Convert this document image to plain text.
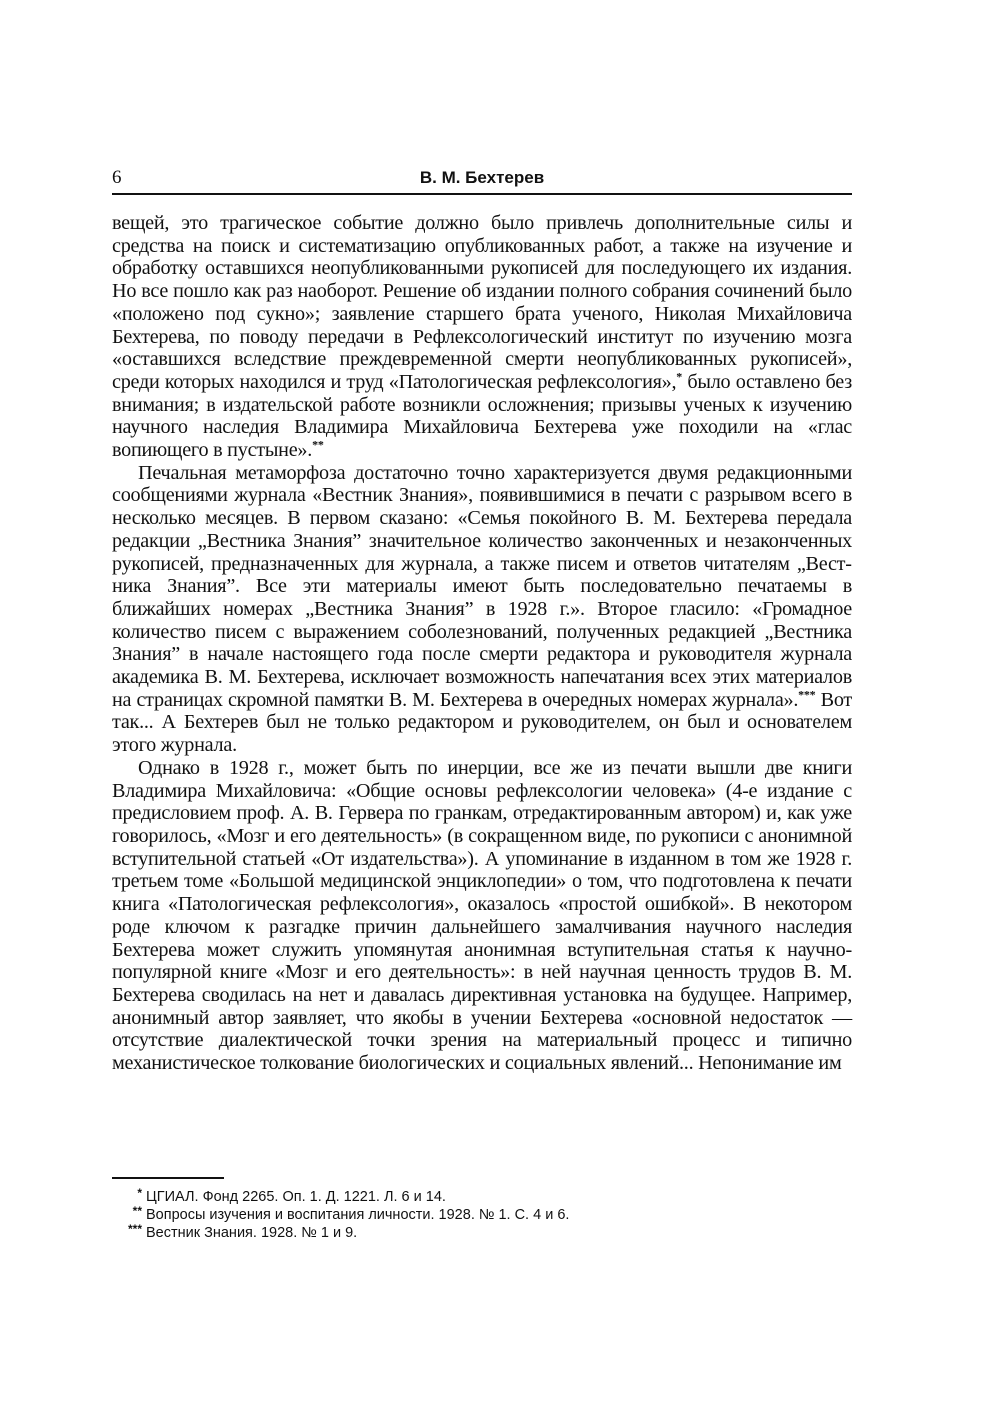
6	В. М. Бехтерев

вещей, это трагическое событие должно было привлечь дополнительные силы и средства на поиск и систематизацию опубликованных работ, а также на изучение и обработку оставшихся неопубликованными рукописей для последующего их издания. Но все пошло как раз наоборот. Решение об издании полного собрания сочинений было «положено под сукно»; заявление старшего брата ученого, Николая Михайловича Бехтерева, по поводу передачи в Рефлексологический институт по изучению мозга «оставшихся вследствие преждевременной смерти неопубликованных рукописей», среди которых находился и труд «Патологическая рефлексология»,* было оставлено без внимания; в издательской работе возникли осложнения; призывы ученых к изучению научного наследия Владимира Михайловича Бехтерева уже походили на «глас вопиющего в пустыне».**

Печальная метаморфоза достаточно точно характеризуется двумя редакционными сообщениями журнала «Вестник Знания», появившимися в печати с разрывом всего в несколько месяцев. В первом сказано: «Семья покойного В. М. Бехтерева передала редакции „Вестника Знания” значительное количество законченных и незаконченных рукописей, предназначенных для журнала, а также писем и ответов читателям „Вестника Знания”. Все эти материалы имеют быть последовательно печатаемы в ближайших номерах „Вестника Знания” в 1928 г.». Второе гласило: «Громадное количество писем с выражением соболезнований, полученных редакцией „Вестника Знания” в начале настоящего года после смерти редактора и руководителя журнала академика В. М. Бехтерева, исключает возможность напечатания всех этих материалов на страницах скромной памятки В. М. Бехтерева в очередных номерах журнала».*** Вот так... А Бехтерев был не только редактором и руководителем, он был и основателем этого журнала.

Однако в 1928 г., может быть по инерции, все же из печати вышли две книги Владимира Михайловича: «Общие основы рефлексологии человека» (4-е издание с предисловием проф. А. В. Гервера по гранкам, отредактированным автором) и, как уже говорилось, «Мозг и его деятельность» (в сокращенном виде, по рукописи с анонимной вступительной статьей «От издательства»). А упоминание в изданном в том же 1928 г. третьем томе «Большой медицинской энциклопедии» о том, что подготовлена к печати книга «Патологическая рефлексология», оказалось «простой ошибкой». В некотором роде ключом к разгадке причин дальнейшего замалчивания научного наследия Бехтерева может служить упомянутая анонимная вступительная статья к научно-популярной книге «Мозг и его деятельность»: в ней научная ценность трудов В. М. Бехтерева сводилась на нет и давалась директивная установка на будущее. Например, анонимный автор заявляет, что якобы в учении Бехтерева «основной недостаток — отсутствие диалектической точки зрения на материальный процесс и типично механистическое толкование биологических и социальных явлений... Непонимание им

* ЦГИАЛ. Фонд 2265. Оп. 1. Д. 1221. Л. 6 и 14.
** Вопросы изучения и воспитания личности. 1928. № 1. С. 4 и 6.
*** Вестник Знания. 1928. № 1 и 9.
